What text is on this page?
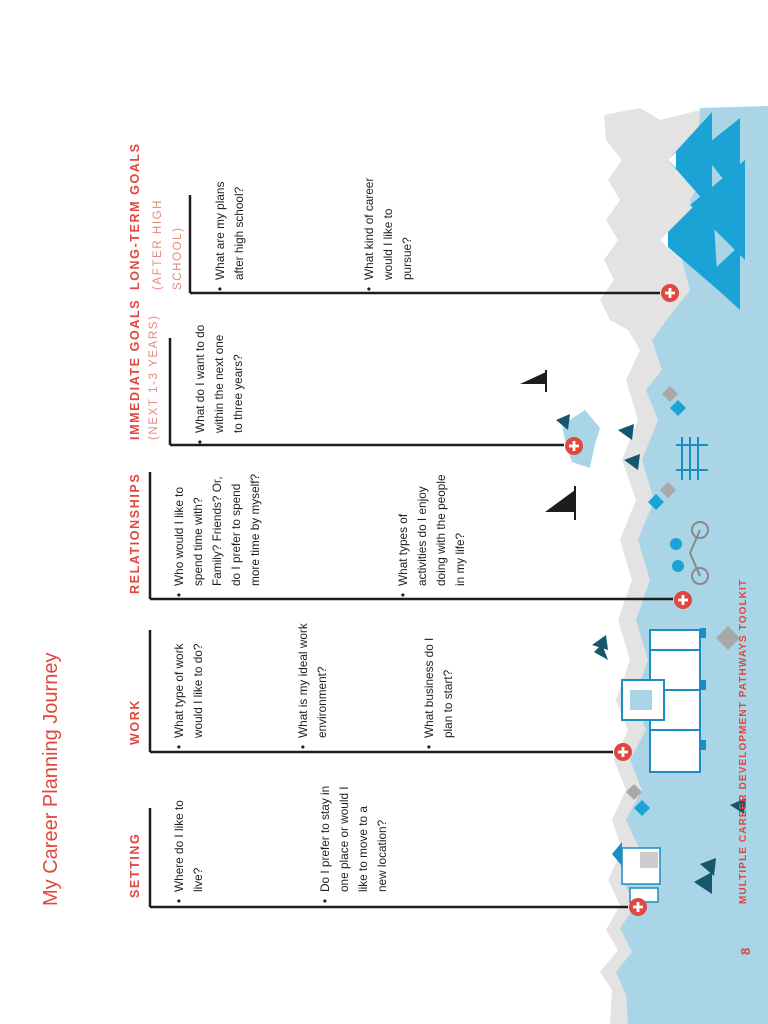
My Career Planning Journey
8
MULTIPLE CAREER DEVELOPMENT PATHWAYS TOOLKIT
SETTING
•
Where do I like to live?
•
Do I prefer to stay in one place or would I like to move to a new location?
WORK
•
What type of work would I like to do?
•
What is my ideal work environment?
•
What business do I plan to start?
RELATIONSHIPS
•
Who would I like to spend time with? Family? Friends? Or, do I prefer to spend more time by myself?
•
What types of activities do I enjoy doing with the people in my life?
IMMEDIATE GOALS (NEXT 1-3 YEARS)
•
What do I want to do within the next one to three years?
LONG-TERM GOALS (AFTER HIGH SCHOOL)	•
What are my plans after high school?
•
What kind of career would I like to pursue?
